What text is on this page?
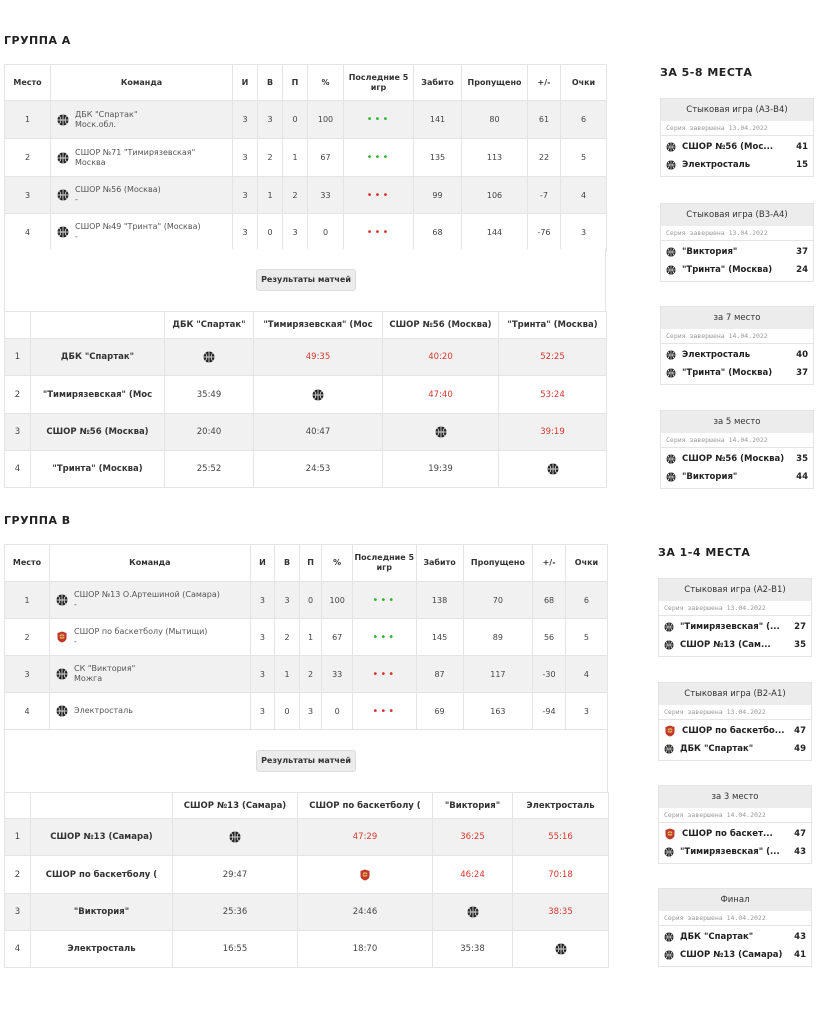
ГРУППА А
Место	Команда	И	В	П	%	Последние 5 игр	Забито	Пропущено	+/-	Очки
1	ДБК "Спартак"
Моск.обл.	3	3	0	100	•••	141	80	61	6
2	СШОР №71 "Тимирязевская"
Москва	3	2	1	67	•••	135	113	22	5
3	СШОР №56 (Москва)
-	3	1	2	33	•••	99	106	-7	4
4	СШОР №49 "Тринта" (Москва)
-	3	0	3	0	•••	68	144	-76	3
Результаты матчей
		ДБК "Спартак"	"Тимирязевская" (Мос	СШОР №56 (Москва)	"Тринта" (Москва)
1	ДБК "Спартак"		49:35	40:20	52:25
2	"Тимирязевская" (Мос	35:49		47:40	53:24
3	СШОР №56 (Москва)	20:40	40:47		39:19
4	"Тринта" (Москва)	25:52	24:53	19:39	
ГРУППА В
Место	Команда	И	В	П	%	Последние 5 игр	Забито	Пропущено	+/-	Очки
1	СШОР №13 О.Артешиной (Самара)
-	3	3	0	100	•••	138	70	68	6
2	СШОР по баскетболу (Мытищи)
-	3	2	1	67	•••	145	89	56	5
3	СК "Виктория"
Можга	3	1	2	33	•••	87	117	-30	4
4	Электросталь	3	0	3	0	•••	69	163	-94	3
Результаты матчей
		СШОР №13 (Самара)	СШОР по баскетболу (	"Виктория"	Электросталь
1	СШОР №13 (Самара)		47:29	36:25	55:16
2	СШОР по баскетболу (	29:47		46:24	70:18
3	"Виктория"	25:36	24:46		38:35
4	Электросталь	16:55	18:70	35:38	
ЗА 5-8 МЕСТА
Стыковая игра (А3-В4)
Серия завершена 13.04.2022
СШОР №56 (Мос...	41
Электросталь	15
Стыковая игра (В3-А4)
Серия завершена 13.04.2022
"Виктория"	37
"Тринта" (Москва)	24
за 7 место
Серия завершена 14.04.2022
Электросталь	40
"Тринта" (Москва)	37
за 5 место
Серия завершена 14.04.2022
СШОР №56 (Москва)	35
"Виктория"	44
ЗА 1-4 МЕСТА
Стыковая игра (А2-В1)
Серия завершена 13.04.2022
"Тимирязевская" (...	27
СШОР №13 (Сам...	35
Стыковая игра (В2-А1)
Серия завершена 13.04.2022
СШОР по баскетбо...	47
ДБК "Спартак"	49
за 3 место
Серия завершена 14.04.2022
СШОР по баскет...	47
"Тимирязевская" (...	43
Финал
Серия завершена 14.04.2022
ДБК "Спартак"	43
СШОР №13 (Самара)	41
